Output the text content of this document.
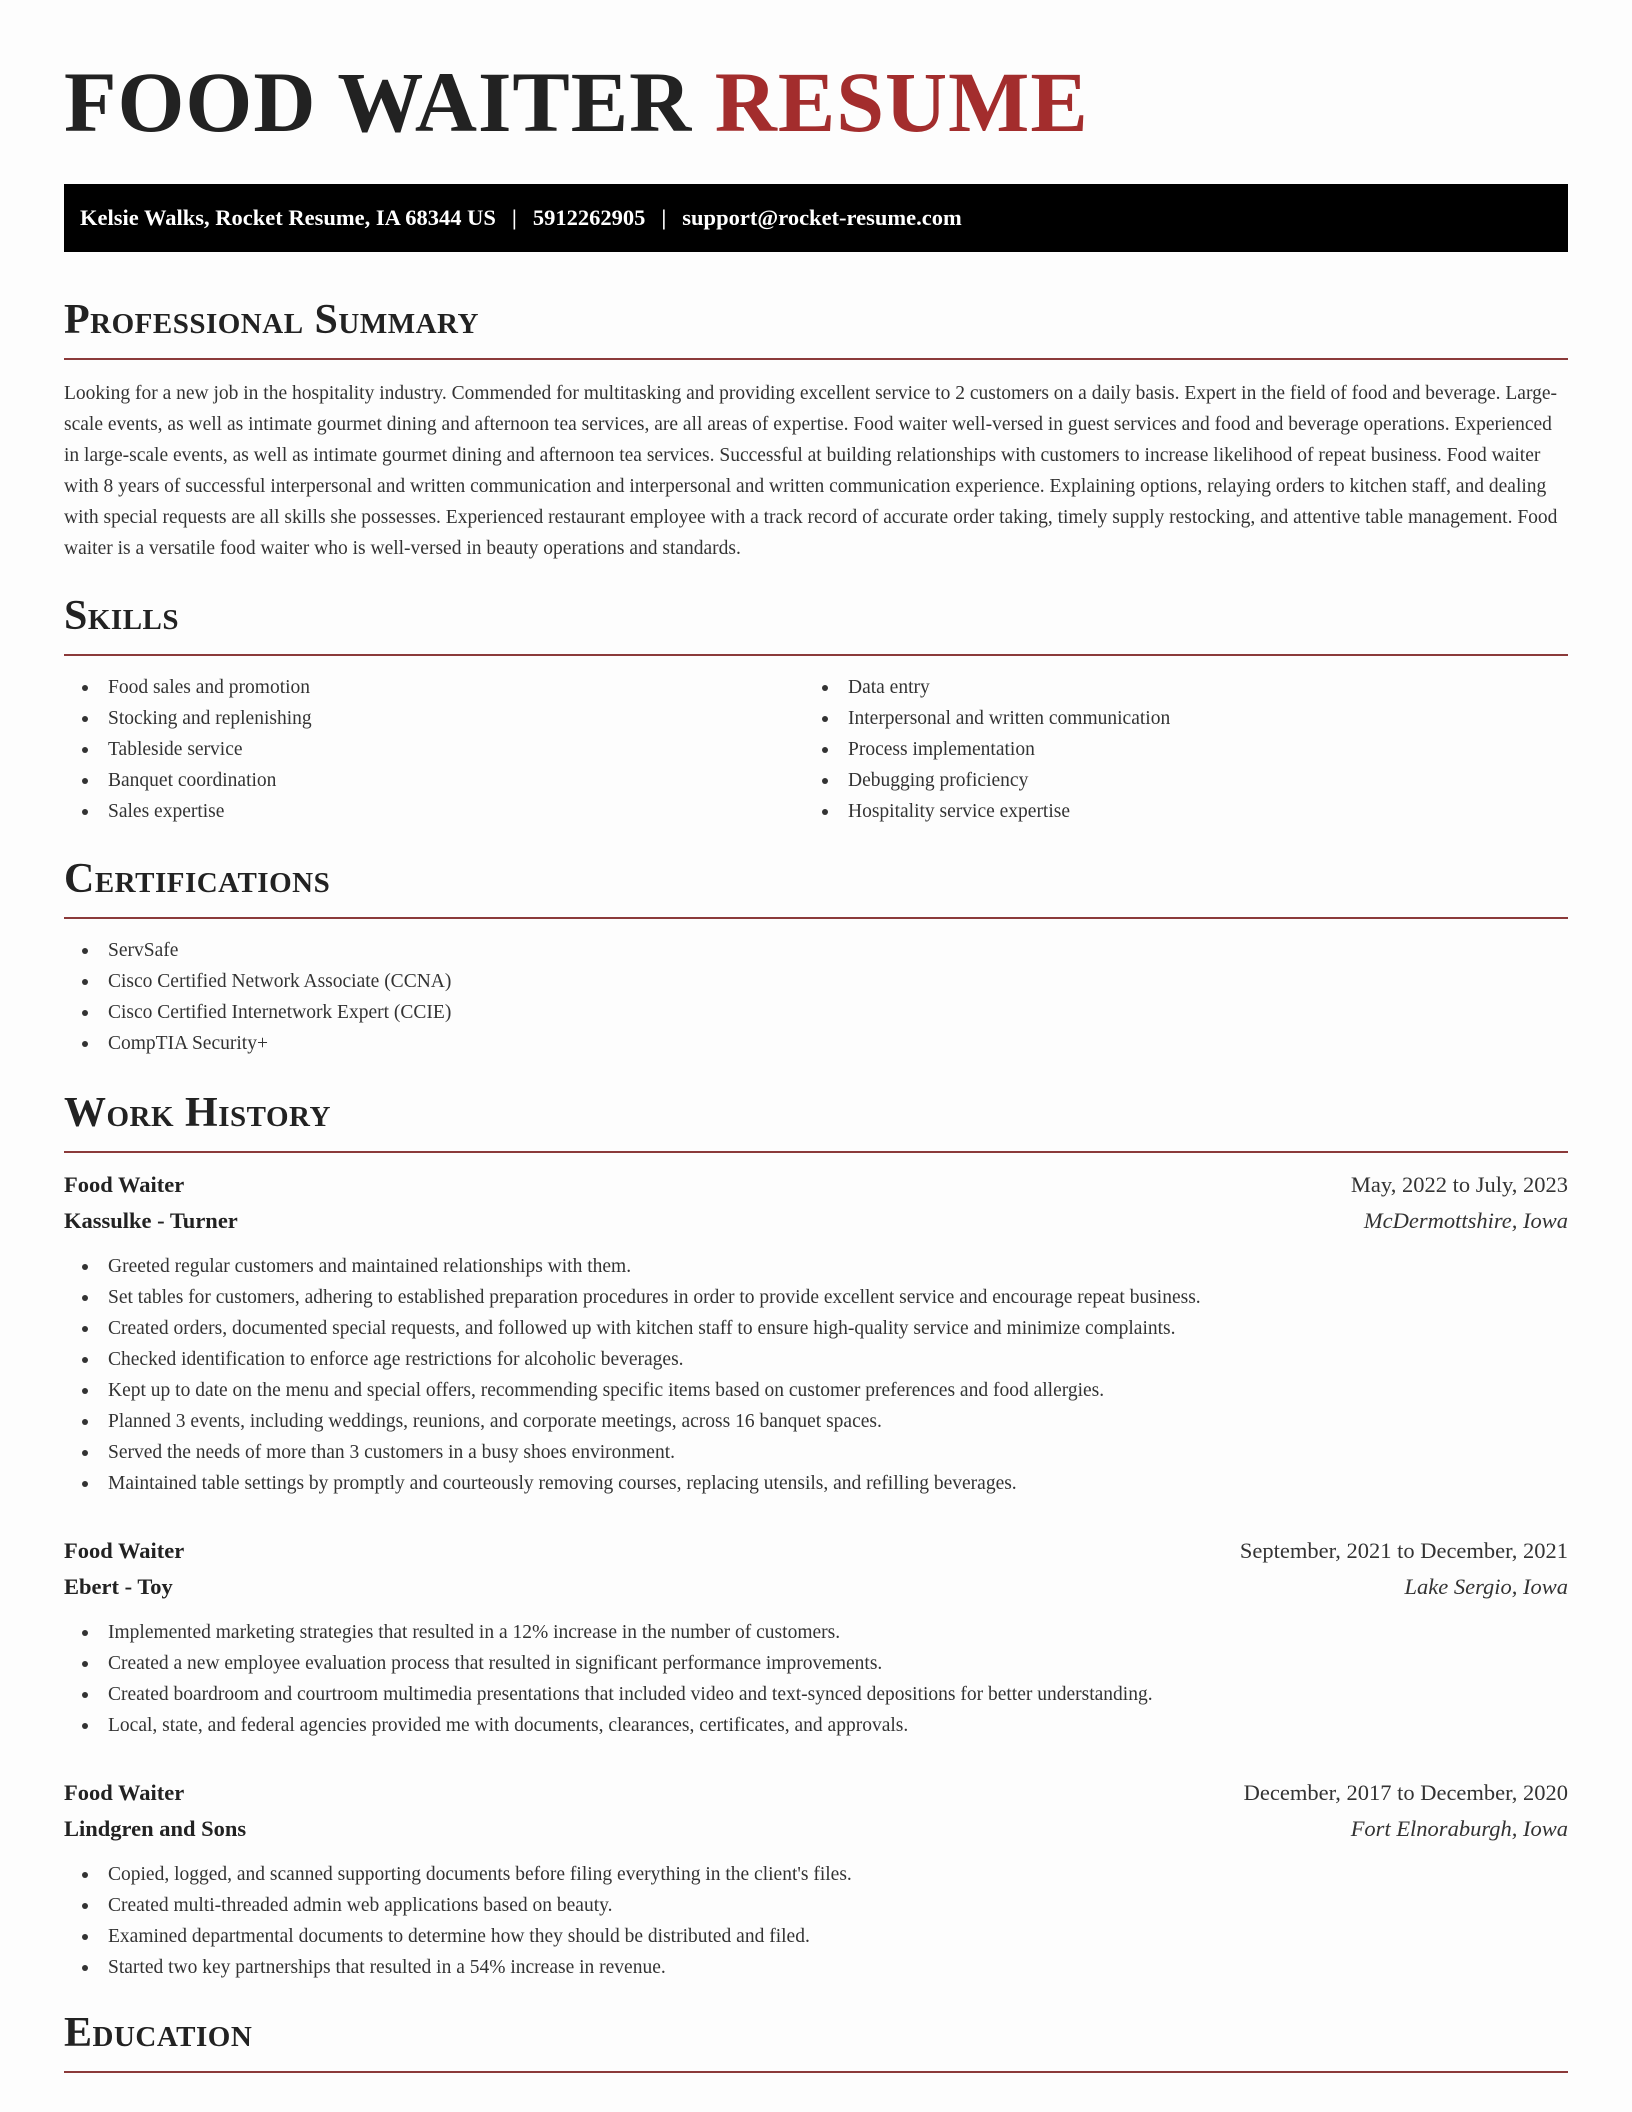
FOOD WAITER RESUME
Kelsie Walks, Rocket Resume, IA 68344 US | 5912262905 | support@rocket-resume.com
Professional Summary

Looking for a new job in the hospitality industry. Commended for multitasking and providing excellent service to 2 customers on a daily basis. Expert in the field of food and beverage. Large-scale events, as well as intimate gourmet dining and afternoon tea services, are all areas of expertise. Food waiter well-versed in guest services and food and beverage operations. Experienced in large-scale events, as well as intimate gourmet dining and afternoon tea services. Successful at building relationships with customers to increase likelihood of repeat business. Food waiter with 8 years of successful interpersonal and written communication and interpersonal and written communication experience. Explaining options, relaying orders to kitchen staff, and dealing with special requests are all skills she possesses. Experienced restaurant employee with a track record of accurate order taking, timely supply restocking, and attentive table management. Food waiter is a versatile food waiter who is well-versed in beauty operations and standards.

Skills
Food sales and promotion
Stocking and replenishing
Tableside service
Banquet coordination
Sales expertise
Data entry
Interpersonal and written communication
Process implementation
Debugging proficiency
Hospitality service expertise
Certifications
ServSafe
Cisco Certified Network Associate (CCNA)
Cisco Certified Internetwork Expert (CCIE)
CompTIA Security+
Work History
Food Waiter	May, 2022 to July, 2023
Kassulke - Turner	McDermottshire, Iowa
Greeted regular customers and maintained relationships with them.
Set tables for customers, adhering to established preparation procedures in order to provide excellent service and encourage repeat business.
Created orders, documented special requests, and followed up with kitchen staff to ensure high-quality service and minimize complaints.
Checked identification to enforce age restrictions for alcoholic beverages.
Kept up to date on the menu and special offers, recommending specific items based on customer preferences and food allergies.
Planned 3 events, including weddings, reunions, and corporate meetings, across 16 banquet spaces.
Served the needs of more than 3 customers in a busy shoes environment.
Maintained table settings by promptly and courteously removing courses, replacing utensils, and refilling beverages.
Food Waiter	September, 2021 to December, 2021
Ebert - Toy	Lake Sergio, Iowa
Implemented marketing strategies that resulted in a 12% increase in the number of customers.
Created a new employee evaluation process that resulted in significant performance improvements.
Created boardroom and courtroom multimedia presentations that included video and text-synced depositions for better understanding.
Local, state, and federal agencies provided me with documents, clearances, certificates, and approvals.
Food Waiter	December, 2017 to December, 2020
Lindgren and Sons	Fort Elnoraburgh, Iowa
Copied, logged, and scanned supporting documents before filing everything in the client's files.
Created multi-threaded admin web applications based on beauty.
Examined departmental documents to determine how they should be distributed and filed.
Started two key partnerships that resulted in a 54% increase in revenue.
Education
